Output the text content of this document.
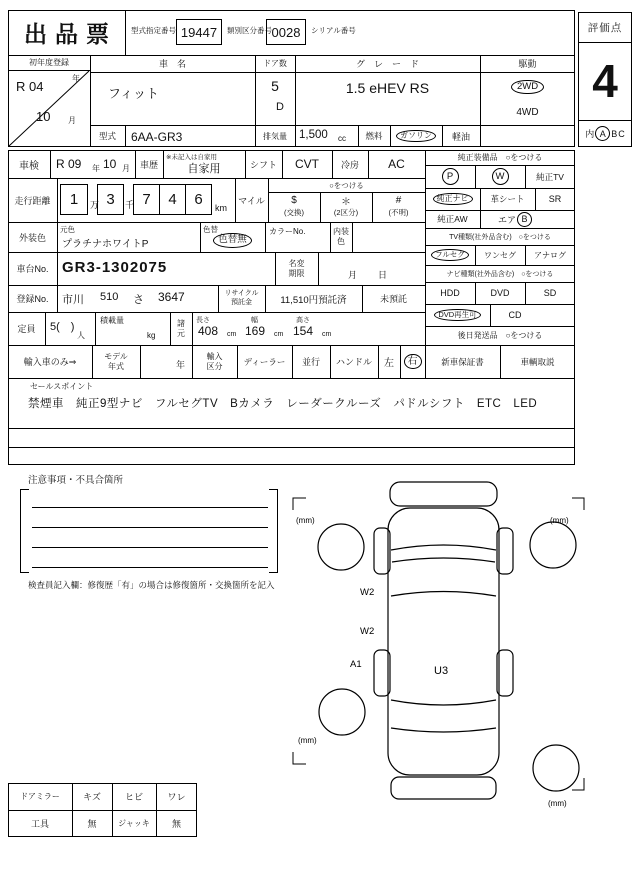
出品票	型式指定番号 19447	類別区分番号 0028	シリアル番号	評価点
4
内 A B C
初年度登録
年
R 04
10 月
車　名
フィット
ドア数
5
D
グ　レ　ー　ド
1.5 eHEV RS
駆動
2WD
4WD
型式	6AA-GR3	排気量	1,500 cc	燃料	ガソリン	軽油
車検	R 09 年 10 月	車歴
※未記入は自家用
自家用	シフト	CVT	冷房	AC
走行距離	1	万 3	千 7	4	6	km
マイル
○をつける
$
(交換)
＊
(2区分)
#
(不明)
外装色
元色
プラチナホワイトP
色替
色替無
カラーNo.	内装色
車台No. GR3-1302075	名変期限	月 日
登録No.	市川 510 さ 3647	リサイクル預託金	11,510円預託済	未預託
定員	5(　)
人
積載量
kg
諸元
長さ
408 cm
幅
169 cm
高さ
154 cm
輸入車のみ⇒
モデル年式	年
輸入区分	ディーラー	並行	ハンドル	左	右
純正装備品　○をつける
P	W	純正TV
純正ナビ	革シート	SR
純正AW	エア B
TV種類(社外品含む)　○をつける
フルセグ	ワンセグ	アナログ
ナビ種類(社外品含む)　○をつける
HDD	DVD	SD
DVD再生可	CD
後日発送品　○をつける
新車保証書	車輌取説
セールスポイント
禁煙車　純正9型ナビ　フルセグTV　Bカメラ　レーダークルーズ　パドルシフト　ETC　LED
注意事項・不具合箇所
検査員記入欄：修復歴「有」の場合は修復箇所・交換箇所を記入
(mm)	(mm)
(mm)
(mm)
W2
W2
A1
U3
ドアミラー	キズ	ヒビ	ワレ
工具	無	ジャッキ	無
